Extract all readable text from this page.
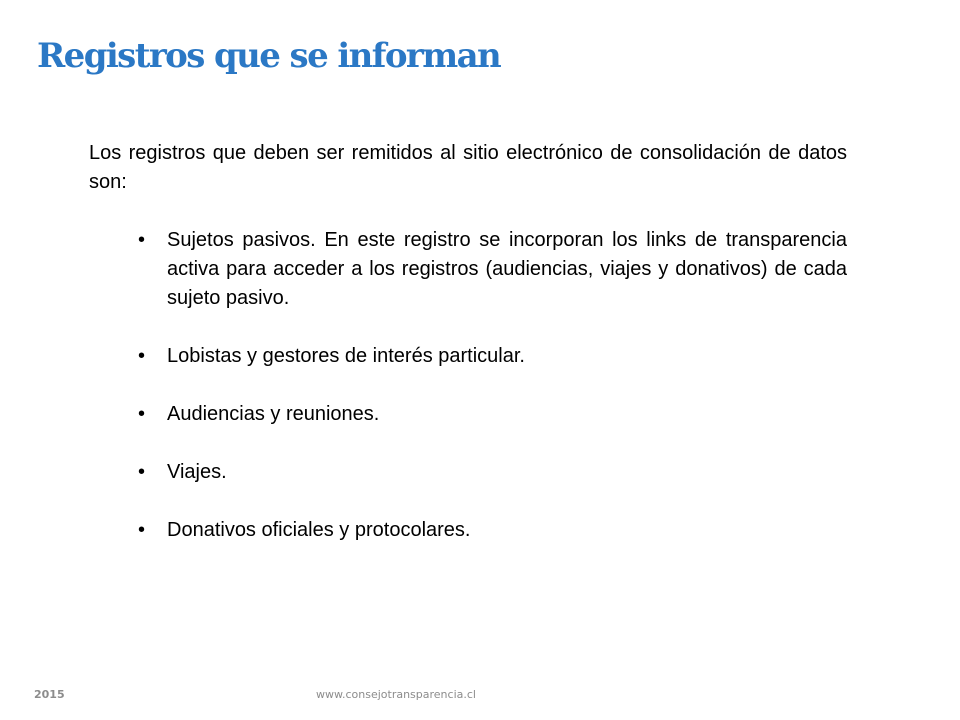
Registros que se informan

Los registros que deben ser remitidos al sitio electrónico de consolidación de datos son:

• Sujetos pasivos. En este registro se incorporan los links de transparencia activa para acceder a los registros (audiencias, viajes y donativos) de cada sujeto pasivo.
• Lobistas y gestores de interés particular.
• Audiencias y reuniones.
• Viajes.
• Donativos oficiales y protocolares.
2015	www.consejotransparencia.cl
